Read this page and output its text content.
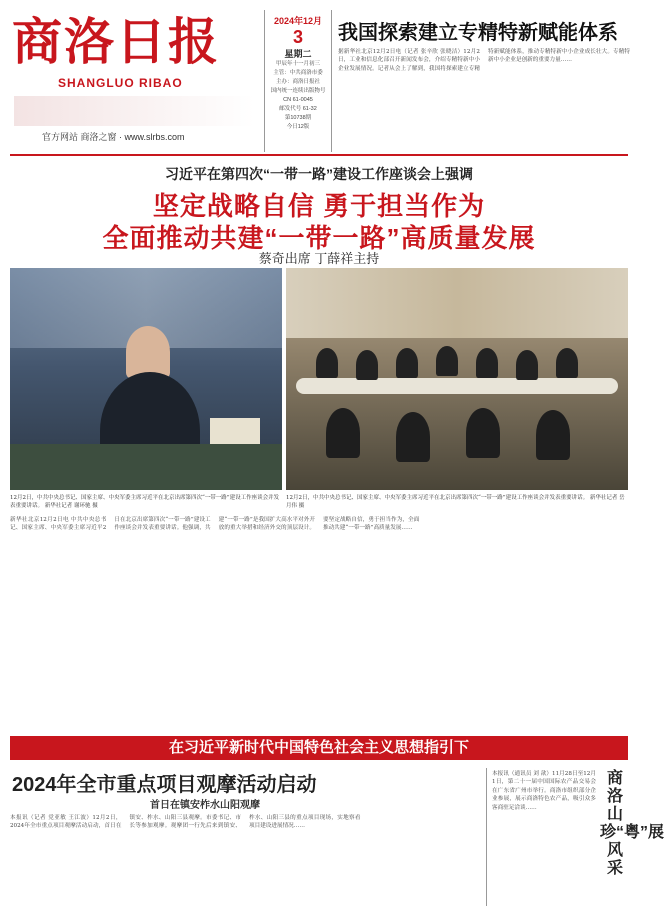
商洛日报
SHANGLUO RIBAO
官方网站 商洛之窗 · www.slrbs.com
2024年12月
3
星期二
甲辰年十一月初三
主管：中共商洛市委
主办：商洛日报社
国内统一连续出版物号
CN 61-0045
邮发代号 61-32
第10738期
今日12版
我国探索建立专精特新赋能体系
据新华社北京12月2日电（记者 张辛欣 张晓洁）12月2日，工业和信息化部召开新闻发布会，介绍专精特新中小企业发展情况。记者从会上了解到，我国将探索建立专精特新赋能体系，推动专精特新中小企业成长壮大。专精特新中小企业是创新的重要力量……
习近平在第四次“一带一路”建设工作座谈会上强调
坚定战略自信 勇于担当作为
全面推动共建“一带一路”高质量发展
蔡奇出席 丁薛祥主持
12月2日，中共中央总书记、国家主席、中央军委主席习近平在北京出席第四次“一带一路”建设工作座谈会并发表重要讲话。 新华社记者 谢环驰 摄
12月2日，中共中央总书记、国家主席、中央军委主席习近平在北京出席第四次“一带一路”建设工作座谈会并发表重要讲话。 新华社记者 岳月伟 摄
新华社北京12月2日电 中共中央总书记、国家主席、中央军委主席习近平2日在北京出席第四次“一带一路”建设工作座谈会并发表重要讲话。他强调，共建“一带一路”是我国扩大高水平对外开放的重大举措和经济外交的顶层设计。要坚定战略自信，勇于担当作为，全面推动共建“一带一路”高质量发展……
在习近平新时代中国特色社会主义思想指引下
2024年全市重点项目观摩活动启动
首日在镇安柞水山阳观摩
本报讯（记者 党亚敏 王江波）12月2日，2024年全市重点项目观摩活动启动，首日在镇安、柞水、山阳三县观摩。市委书记、市长等参加观摩。观摩团一行先后来到镇安、柞水、山阳三县的重点项目现场，实地察看项目建设进展情况……
本报讯（通讯员 刘 歆）11月28日至12月1日，第二十一届中国国际农产品交易会在广东省广州市举行。商洛市组织部分企业参展，展示商洛特色农产品，吸引众多客商驻足洽谈……
商洛山珍“粤”展风采
